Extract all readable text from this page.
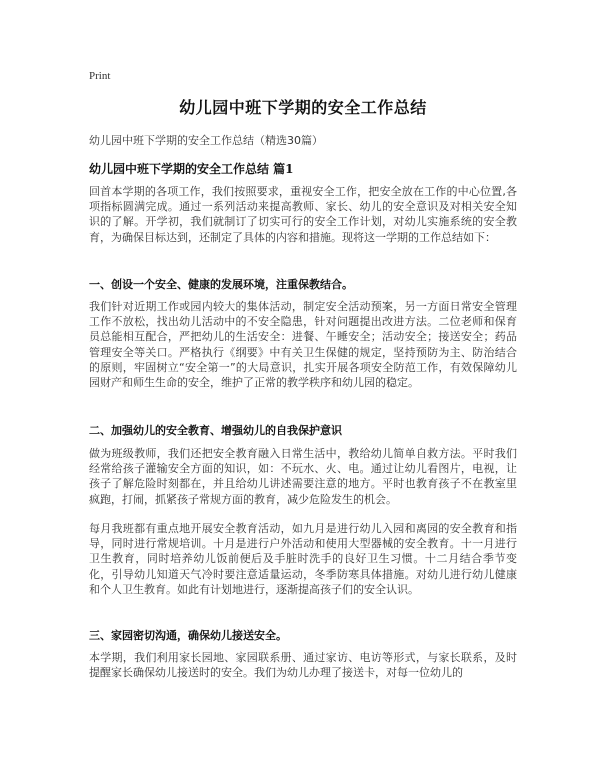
Print
幼儿园中班下学期的安全工作总结

幼儿园中班下学期的安全工作总结（精选30篇）

幼儿园中班下学期的安全工作总结 篇1

回首本学期的各项工作，我们按照要求，重视安全工作，把安全放在工作的中心位置,各项指标圆满完成。通过一系列活动来提高教师、家长、幼儿的安全意识及对相关安全知识的了解。开学初，我们就制订了切实可行的安全工作计划，对幼儿实施系统的安全教育，为确保目标达到，还制定了具体的内容和措施。现将这一学期的工作总结如下：

一、创设一个安全、健康的发展环境，注重保教结合。

我们针对近期工作或园内较大的集体活动，制定安全活动预案，另一方面日常安全管理工作不放松，找出幼儿活动中的不安全隐患，针对问题提出改进方法。二位老师和保育员总能相互配合，严把幼儿的生活安全：进餐、午睡安全；活动安全；接送安全；药品管理安全等关口。严格执行《纲要》中有关卫生保健的规定，坚持预防为主、防治结合的原则，牢固树立“安全第一”的大局意识，扎实开展各项安全防范工作，有效保障幼儿园财产和师生生命的安全，维护了正常的教学秩序和幼儿园的稳定。

二、加强幼儿的安全教育、增强幼儿的自我保护意识

做为班级教师，我们还把安全教育融入日常生活中，教给幼儿简单自救方法。平时我们经常给孩子灌输安全方面的知识，如：不玩水、火、电。通过让幼儿看图片，电视，让孩子了解危险时刻都在，并且给幼儿讲述需要注意的地方。平时也教育孩子不在教室里疯跑，打闹，抓紧孩子常规方面的教育，减少危险发生的机会。

每月我班都有重点地开展安全教育活动，如九月是进行幼儿入园和离园的安全教育和指导，同时进行常规培训。十月是进行户外活动和使用大型器械的安全教育。十一月进行卫生教育，同时培养幼儿饭前便后及手脏时洗手的良好卫生习惯。十二月结合季节变化，引导幼儿知道天气冷时要注意适量运动，冬季防寒具体措施。对幼儿进行幼儿健康和个人卫生教育。如此有计划地进行，逐渐提高孩子们的安全认识。

三、家园密切沟通，确保幼儿接送安全。

本学期，我们利用家长园地、家园联系册、通过家访、电访等形式，与家长联系，及时提醒家长确保幼儿接送时的安全。我们为幼儿办理了接送卡，对每一位幼儿的
